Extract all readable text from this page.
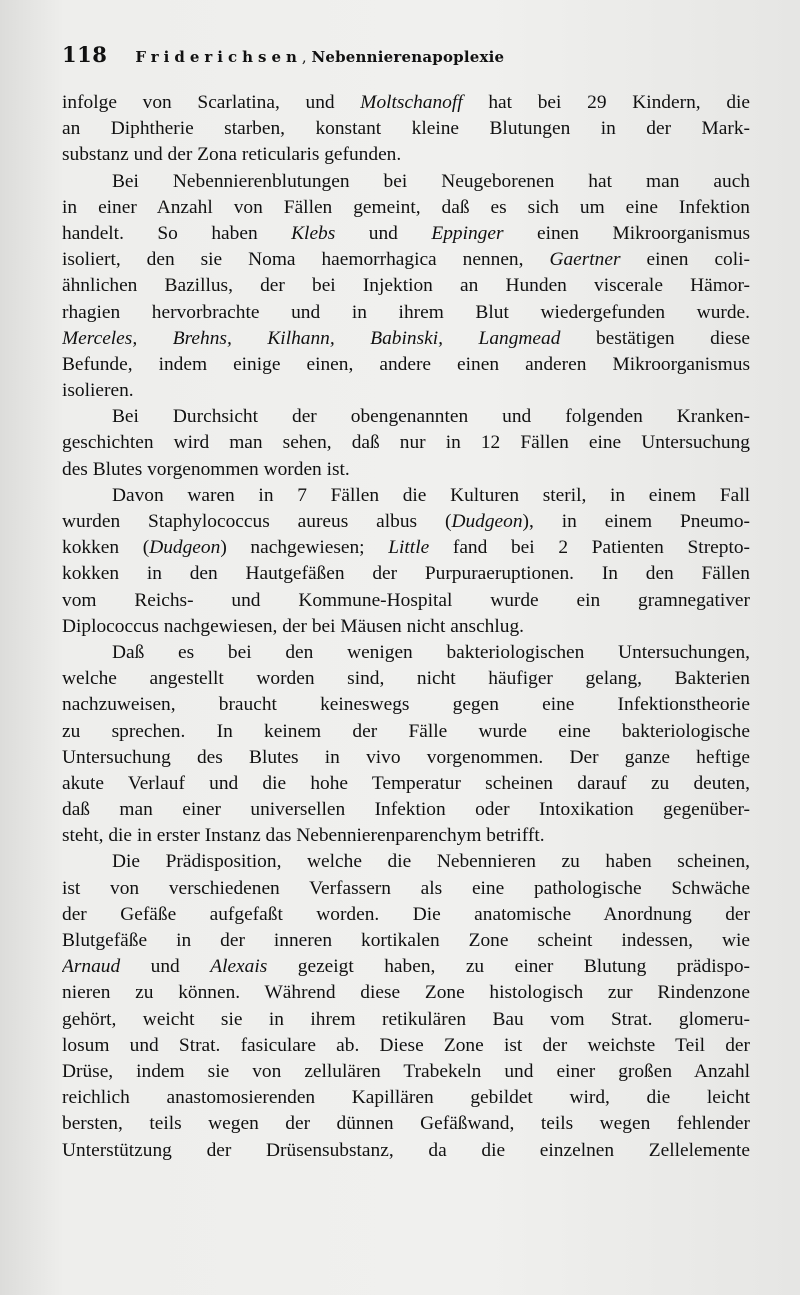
118 Friderichsen, Nebennierenapoplexie
infolge von Scarlatina, und Moltschanoff hat bei 29 Kindern, die
an Diphtherie starben, konstant kleine Blutungen in der Mark-
substanz und der Zona reticularis gefunden.
Bei Nebennierenblutungen bei Neugeborenen hat man auch
in einer Anzahl von Fällen gemeint, daß es sich um eine Infektion
handelt. So haben Klebs und Eppinger einen Mikroorganismus
isoliert, den sie Noma haemorrhagica nennen, Gaertner einen coli-
ähnlichen Bazillus, der bei Injektion an Hunden viscerale Hämor-
rhagien hervorbrachte und in ihrem Blut wiedergefunden wurde.
Merceles, Brehns, Kilhann, Babinski, Langmead bestätigen diese
Befunde, indem einige einen, andere einen anderen Mikroorganismus
isolieren.
Bei Durchsicht der obengenannten und folgenden Kranken-
geschichten wird man sehen, daß nur in 12 Fällen eine Untersuchung
des Blutes vorgenommen worden ist.
Davon waren in 7 Fällen die Kulturen steril, in einem Fall
wurden Staphylococcus aureus albus (Dudgeon), in einem Pneumo-
kokken (Dudgeon) nachgewiesen; Little fand bei 2 Patienten Strepto-
kokken in den Hautgefäßen der Purpuraeruptionen. In den Fällen
vom Reichs- und Kommune-Hospital wurde ein gramnegativer
Diplococcus nachgewiesen, der bei Mäusen nicht anschlug.
Daß es bei den wenigen bakteriologischen Untersuchungen,
welche angestellt worden sind, nicht häufiger gelang, Bakterien
nachzuweisen, braucht keineswegs gegen eine Infektionstheorie
zu sprechen. In keinem der Fälle wurde eine bakteriologische
Untersuchung des Blutes in vivo vorgenommen. Der ganze heftige
akute Verlauf und die hohe Temperatur scheinen darauf zu deuten,
daß man einer universellen Infektion oder Intoxikation gegenüber-
steht, die in erster Instanz das Nebennierenparenchym betrifft.
Die Prädisposition, welche die Nebennieren zu haben scheinen,
ist von verschiedenen Verfassern als eine pathologische Schwäche
der Gefäße aufgefaßt worden. Die anatomische Anordnung der
Blutgefäße in der inneren kortikalen Zone scheint indessen, wie
Arnaud und Alexais gezeigt haben, zu einer Blutung prädispo-
nieren zu können. Während diese Zone histologisch zur Rindenzone
gehört, weicht sie in ihrem retikulären Bau vom Strat. glomeru-
losum und Strat. fasiculare ab. Diese Zone ist der weichste Teil der
Drüse, indem sie von zellulären Trabekeln und einer großen Anzahl
reichlich anastomosierenden Kapillären gebildet wird, die leicht
bersten, teils wegen der dünnen Gefäßwand, teils wegen fehlender
Unterstützung der Drüsensubstanz, da die einzelnen Zellelemente
